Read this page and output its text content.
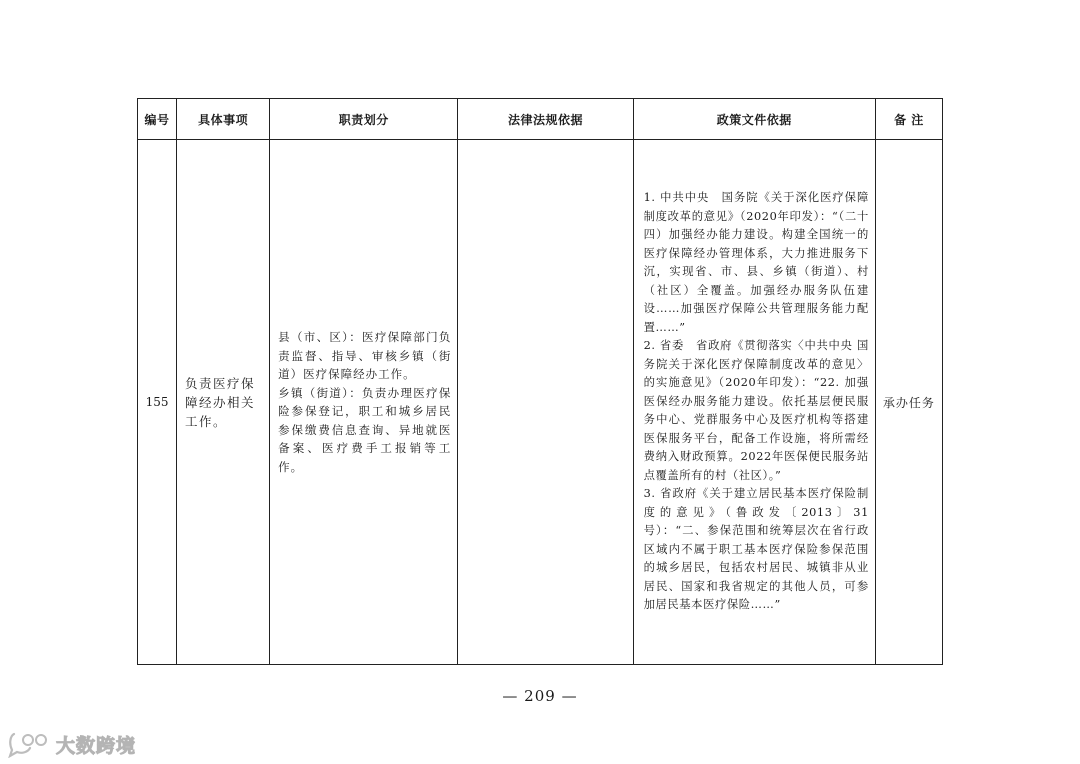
编号	具体事项	职责划分	法律法规依据	政策文件依据	备 注
155	负责医疗保障经办相关工作。	县（市、区）：医疗保障部门负责监督、指导、审核乡镇（街道）医疗保障经办工作。
乡镇（街道）：负责办理医疗保险参保登记，职工和城乡居民参保缴费信息查询、异地就医备案、医疗费手工报销等工作。		1. 中共中央　国务院《关于深化医疗保障制度改革的意见》（2020年印发）：“（二十四）加强经办能力建设。构建全国统一的医疗保障经办管理体系，大力推进服务下沉，实现省、市、县、乡镇（街道）、村（社区）全覆盖。加强经办服务队伍建设……加强医疗保障公共管理服务能力配置……”
2. 省委　省政府《贯彻落实〈中共中央 国务院关于深化医疗保障制度改革的意见〉的实施意见》（2020年印发）：“22. 加强医保经办服务能力建设。依托基层便民服务中心、党群服务中心及医疗机构等搭建医保服务平台，配备工作设施，将所需经费纳入财政预算。2022年医保便民服务站点覆盖所有的村（社区）。”
3. 省政府《关于建立居民基本医疗保险制度的意见》（鲁政发〔2013〕31号）：“二、参保范围和统筹层次在省行政区域内不属于职工基本医疗保险参保范围的城乡居民，包括农村居民、城镇非从业居民、国家和我省规定的其他人员，可参加居民基本医疗保险……”	承办任务
— 209 —
大数跨境
